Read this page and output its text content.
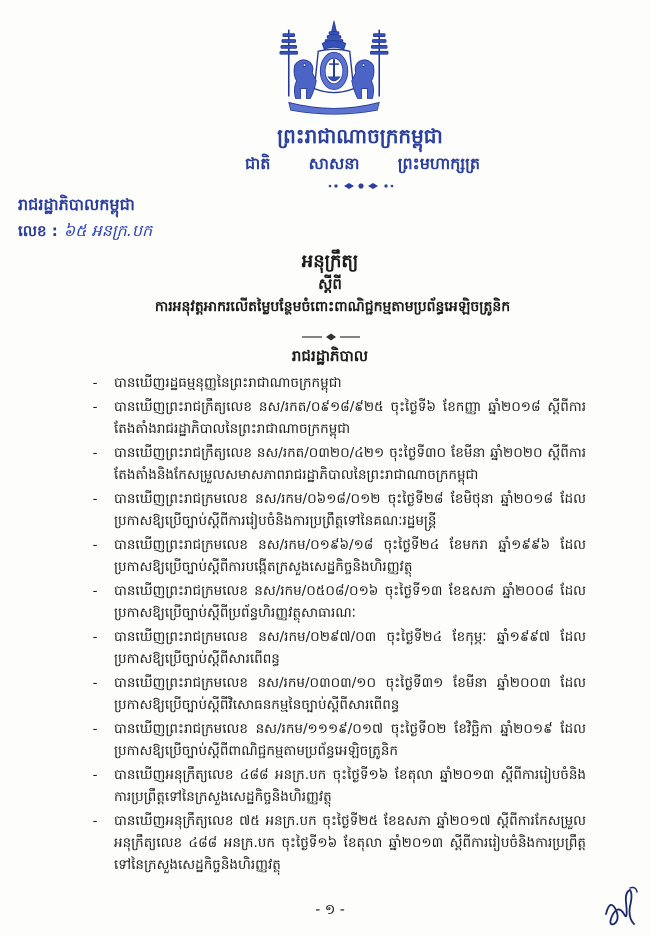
ព្រះរាជាណាចក្រកម្ពុជា
ជាតិ សាសនា ព្រះមហាក្សត្រ
រាជរដ្ឋាភិបាលកម្ពុជា
លេខ : ៦៥ អនក្រ.បក
អនុក្រឹត្យ
ស្តីពី
ការអនុវត្តអាករលើតម្លៃបន្ថែមចំពោះពាណិជ្ជកម្មតាមប្រព័ន្ធអេឡិចត្រូនិក
រាជរដ្ឋាភិបាល
-	បានឃើញរដ្ឋធម្មនុញ្ញនៃព្រះរាជាណាចក្រកម្ពុជា
-	បានឃើញព្រះរាជក្រឹត្យលេខ នស/រកត/០៩១៨/៩២៥ ចុះថ្ងៃទី៦ ខែកញ្ញា ឆ្នាំ២០១៨ ស្តីពីការតែងតាំងរាជរដ្ឋាភិបាលនៃព្រះរាជាណាចក្រកម្ពុជា
-	បានឃើញព្រះរាជក្រឹត្យលេខ នស/រកត/០៣២០/៤២១ ចុះថ្ងៃទី៣០ ខែមីនា ឆ្នាំ២០២០ ស្តីពីការតែងតាំងនិងកែសម្រួលសមាសភាពរាជរដ្ឋាភិបាលនៃព្រះរាជាណាចក្រកម្ពុជា
-	បានឃើញព្រះរាជក្រមលេខ នស/រកម/០៦១៨/០១២ ចុះថ្ងៃទី២៨ ខែមិថុនា ឆ្នាំ២០១៨ ដែលប្រកាសឱ្យប្រើច្បាប់ស្តីពីការរៀបចំនិងការប្រព្រឹត្តទៅនៃគណៈរដ្ឋមន្ត្រី
-	បានឃើញព្រះរាជក្រមលេខ នស/រកម/០១៩៦/១៨ ចុះថ្ងៃទី២៤ ខែមករា ឆ្នាំ១៩៩៦ ដែលប្រកាសឱ្យប្រើច្បាប់ស្តីពីការបង្កើតក្រសួងសេដ្ឋកិច្ចនិងហិរញ្ញវត្ថុ
-	បានឃើញព្រះរាជក្រមលេខ នស/រកម/០៥០៨/០១៦ ចុះថ្ងៃទី១៣ ខែឧសភា ឆ្នាំ២០០៨ ដែលប្រកាសឱ្យប្រើច្បាប់ស្តីពីប្រព័ន្ធហិរញ្ញវត្ថុសាធារណៈ
-	បានឃើញព្រះរាជក្រមលេខ នស/រកម/០២៩៧/០៣ ចុះថ្ងៃទី២៤ ខែកុម្ភៈ ឆ្នាំ១៩៩៧ ដែលប្រកាសឱ្យប្រើច្បាប់ស្តីពីសារពើពន្ធ
-	បានឃើញព្រះរាជក្រមលេខ នស/រកម/០៣០៣/១០ ចុះថ្ងៃទី៣១ ខែមីនា ឆ្នាំ២០០៣ ដែលប្រកាសឱ្យប្រើច្បាប់ស្តីពីវិសោធនកម្មនៃច្បាប់ស្តីពីសារពើពន្ធ
-	បានឃើញព្រះរាជក្រមលេខ នស/រកម/១១១៩/០១៧ ចុះថ្ងៃទី០២ ខែវិច្ឆិកា ឆ្នាំ២០១៩ ដែលប្រកាសឱ្យប្រើច្បាប់ស្តីពីពាណិជ្ជកម្មតាមប្រព័ន្ធអេឡិចត្រូនិក
-	បានឃើញអនុក្រឹត្យលេខ ៤៨៨ អនក្រ.បក ចុះថ្ងៃទី១៦ ខែតុលា ឆ្នាំ២០១៣ ស្តីពីការរៀបចំនិងការប្រព្រឹត្តទៅនៃក្រសួងសេដ្ឋកិច្ចនិងហិរញ្ញវត្ថុ
-	បានឃើញអនុក្រឹត្យលេខ ៧៥ អនក្រ.បក ចុះថ្ងៃទី២៥ ខែឧសភា ឆ្នាំ២០១៧ ស្តីពីការកែសម្រួលអនុក្រឹត្យលេខ ៤៨៨ អនក្រ.បក ចុះថ្ងៃទី១៦ ខែតុលា ឆ្នាំ២០១៣ ស្តីពីការរៀបចំនិងការប្រព្រឹត្តទៅនៃក្រសួងសេដ្ឋកិច្ចនិងហិរញ្ញវត្ថុ
- ១ -
